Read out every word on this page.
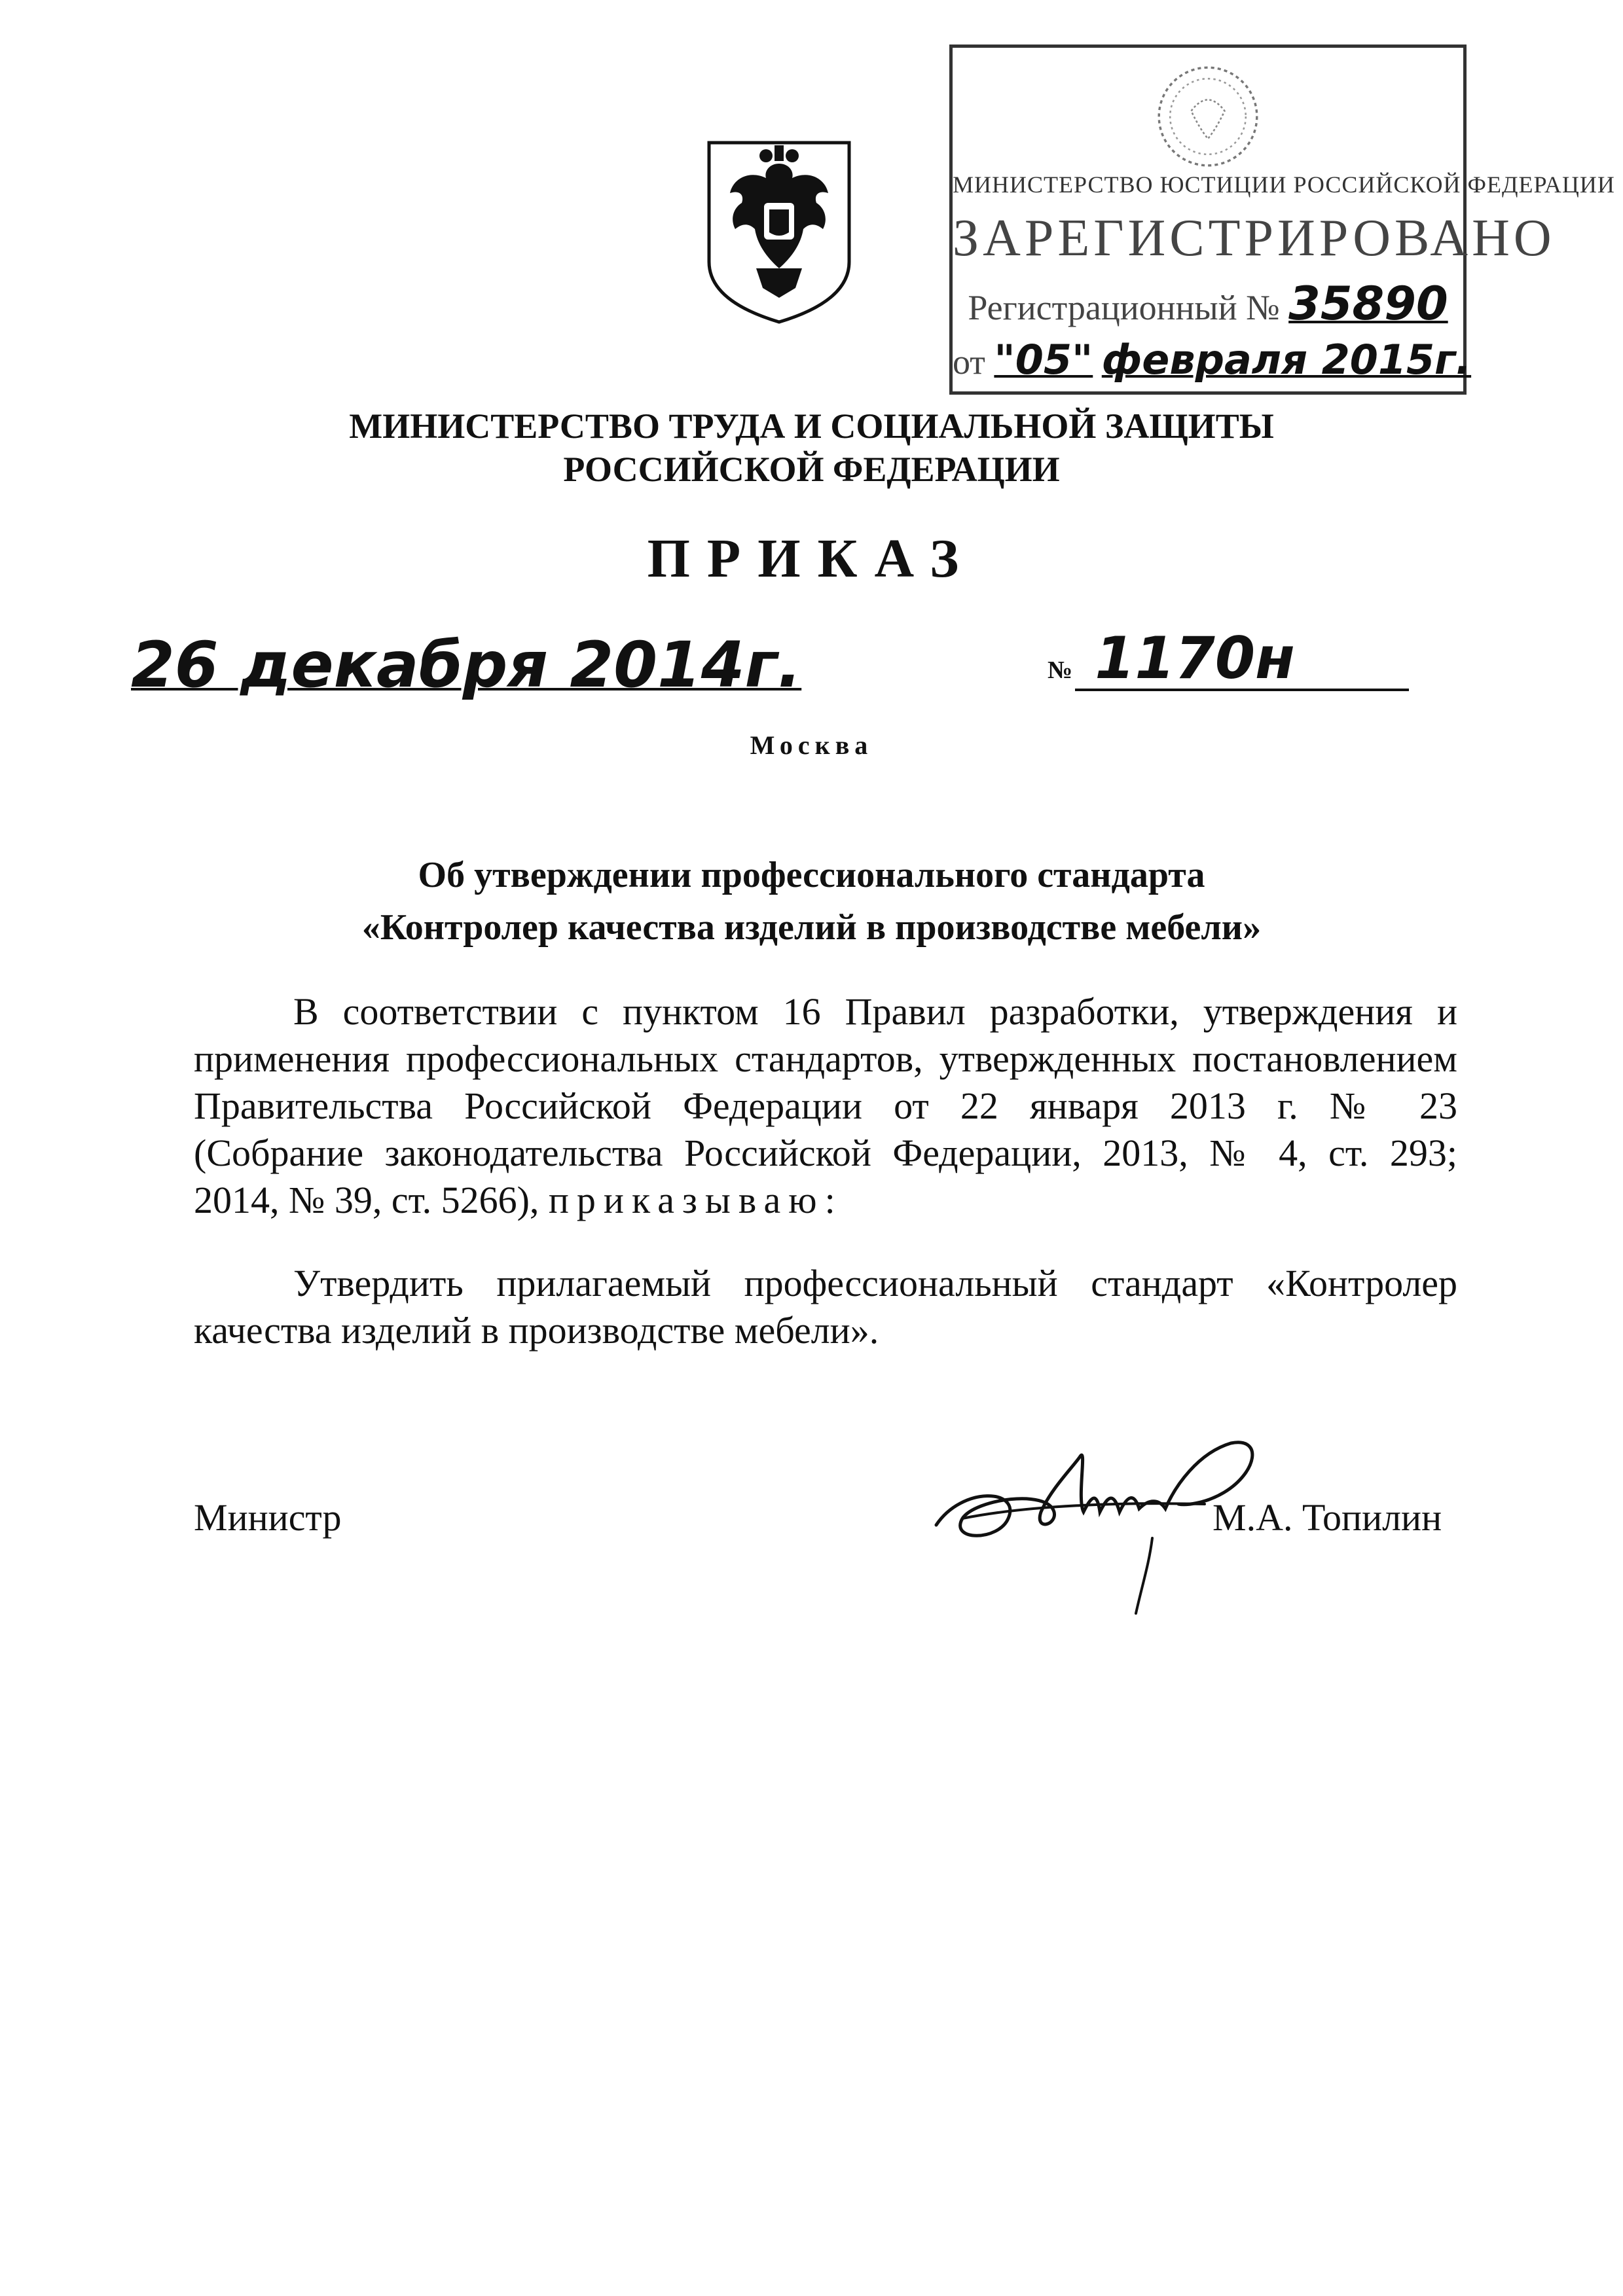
МИНИСТЕРСТВО ЮСТИЦИИ РОССИЙСКОЙ ФЕДЕРАЦИИ
ЗАРЕГИСТРИРОВАНО
Регистрационный № 35890
от "05" февраля 2015г.
МИНИСТЕРСТВО ТРУДА И СОЦИАЛЬНОЙ ЗАЩИТЫ
РОССИЙСКОЙ ФЕДЕРАЦИИ
ПРИКАЗ
26 декабря 2014г.	№ 1170н
Москва
Об утверждении профессионального стандарта
«Контролер качества изделий в производстве мебели»
В соответствии с пунктом 16 Правил разработки, утверждения и
применения профессиональных стандартов, утвержденных постановлением
Правительства Российской Федерации от 22 января 2013 г. № 23
(Собрание законодательства Российской Федерации, 2013, № 4, ст. 293;
2014, № 39, ст. 5266), приказываю:
Утвердить прилагаемый профессиональный стандарт «Контролер
качества изделий в производстве мебели».
Министр	М.А. Топилин
